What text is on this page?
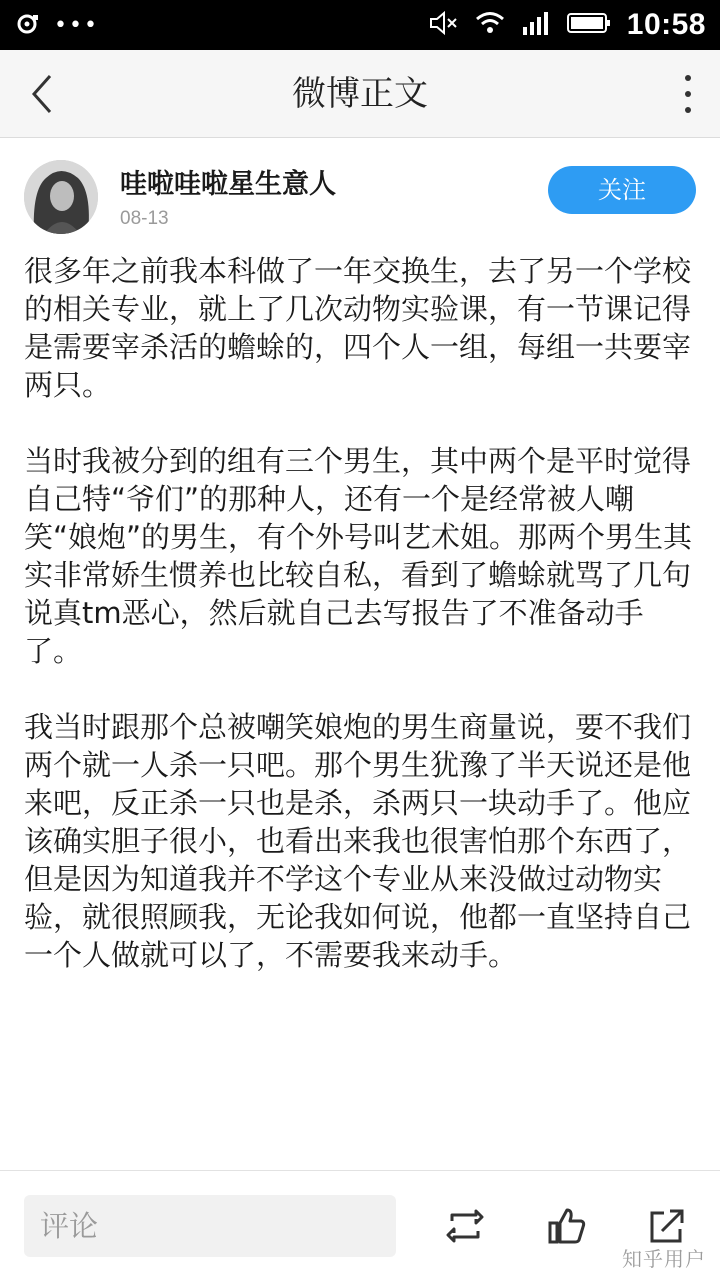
•••	10:58
微博正文
哇啦哇啦星生意人
08-13
关注

很多年之前我本科做了一年交换生，去了另一个学校的相关专业，就上了几次动物实验课，有一节课记得是需要宰杀活的蟾蜍的，四个人一组，每组一共要宰两只。

当时我被分到的组有三个男生，其中两个是平时觉得自己特“爷们”的那种人，还有一个是经常被人嘲笑“娘炮”的男生，有个外号叫艺术姐。那两个男生其实非常娇生惯养也比较自私，看到了蟾蜍就骂了几句说真tm恶心，然后就自己去写报告了不准备动手了。

我当时跟那个总被嘲笑娘炮的男生商量说，要不我们两个就一人杀一只吧。那个男生犹豫了半天说还是他来吧，反正杀一只也是杀，杀两只一块动手了。他应该确实胆子很小，也看出来我也很害怕那个东西了，但是因为知道我并不学这个专业从来没做过动物实验，就很照顾我，无论我如何说，他都一直坚持自己一个人做就可以了，不需要我来动手。

评论
知乎用户
